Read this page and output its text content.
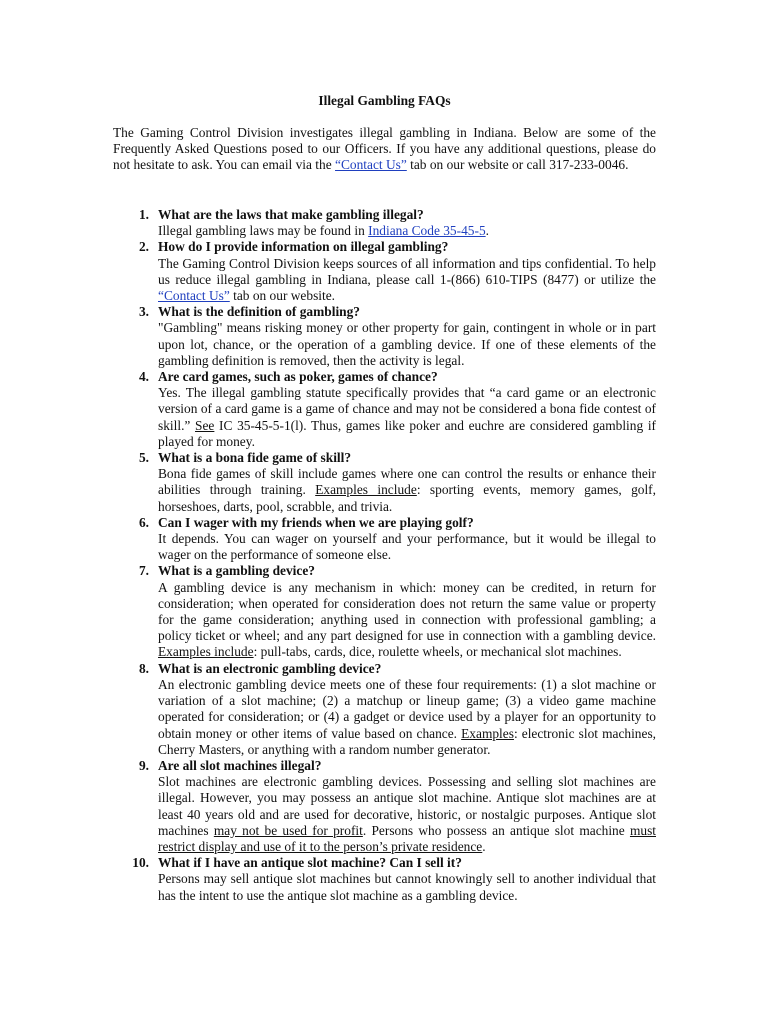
Illegal Gambling FAQs

The Gaming Control Division investigates illegal gambling in Indiana. Below are some of the Frequently Asked Questions posed to our Officers. If you have any additional questions, please do not hesitate to ask. You can email via the “Contact Us” tab on our website or call 317-233-0046.

1. What are the laws that make gambling illegal?
Illegal gambling laws may be found in Indiana Code 35-45-5.
2. How do I provide information on illegal gambling?
The Gaming Control Division keeps sources of all information and tips confidential. To help us reduce illegal gambling in Indiana, please call 1-(866) 610-TIPS (8477) or utilize the “Contact Us” tab on our website.
3. What is the definition of gambling?
"Gambling" means risking money or other property for gain, contingent in whole or in part upon lot, chance, or the operation of a gambling device. If one of these elements of the gambling definition is removed, then the activity is legal.
4. Are card games, such as poker, games of chance?
Yes. The illegal gambling statute specifically provides that “a card game or an electronic version of a card game is a game of chance and may not be considered a bona fide contest of skill.” See IC 35-45-5-1(l). Thus, games like poker and euchre are considered gambling if played for money.
5. What is a bona fide game of skill?
Bona fide games of skill include games where one can control the results or enhance their abilities through training. Examples include: sporting events, memory games, golf, horseshoes, darts, pool, scrabble, and trivia.
6. Can I wager with my friends when we are playing golf?
It depends. You can wager on yourself and your performance, but it would be illegal to wager on the performance of someone else.
7. What is a gambling device?
A gambling device is any mechanism in which: money can be credited, in return for consideration; when operated for consideration does not return the same value or property for the game consideration; anything used in connection with professional gambling; a policy ticket or wheel; and any part designed for use in connection with a gambling device. Examples include: pull-tabs, cards, dice, roulette wheels, or mechanical slot machines.
8. What is an electronic gambling device?
An electronic gambling device meets one of these four requirements: (1) a slot machine or variation of a slot machine; (2) a matchup or lineup game; (3) a video game machine operated for consideration; or (4) a gadget or device used by a player for an opportunity to obtain money or other items of value based on chance. Examples: electronic slot machines, Cherry Masters, or anything with a random number generator.
9. Are all slot machines illegal?
Slot machines are electronic gambling devices. Possessing and selling slot machines are illegal. However, you may possess an antique slot machine. Antique slot machines are at least 40 years old and are used for decorative, historic, or nostalgic purposes. Antique slot machines may not be used for profit. Persons who possess an antique slot machine must restrict display and use of it to the person’s private residence.
10. What if I have an antique slot machine? Can I sell it?
Persons may sell antique slot machines but cannot knowingly sell to another individual that has the intent to use the antique slot machine as a gambling device.
